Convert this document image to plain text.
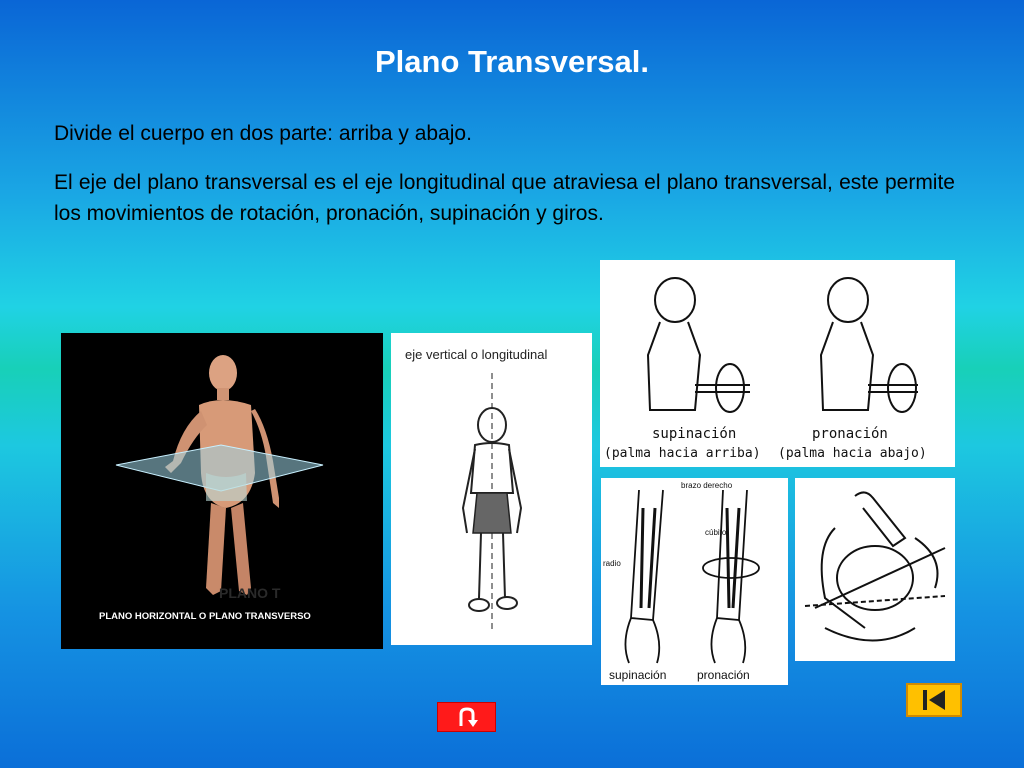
Plano Transversal.

Divide el cuerpo en dos parte: arriba y abajo.

El eje del plano transversal es el eje longitudinal que atraviesa el plano transversal, este permite los movimientos de rotación, pronación, supinación y giros.

PLANO T
PLANO HORIZONTAL O PLANO TRANSVERSO
eje vertical o longitudinal
supinación
(palma hacia arriba)
pronación
(palma hacia abajo)
brazo derecho
cúbito
radio
supinación	pronación
